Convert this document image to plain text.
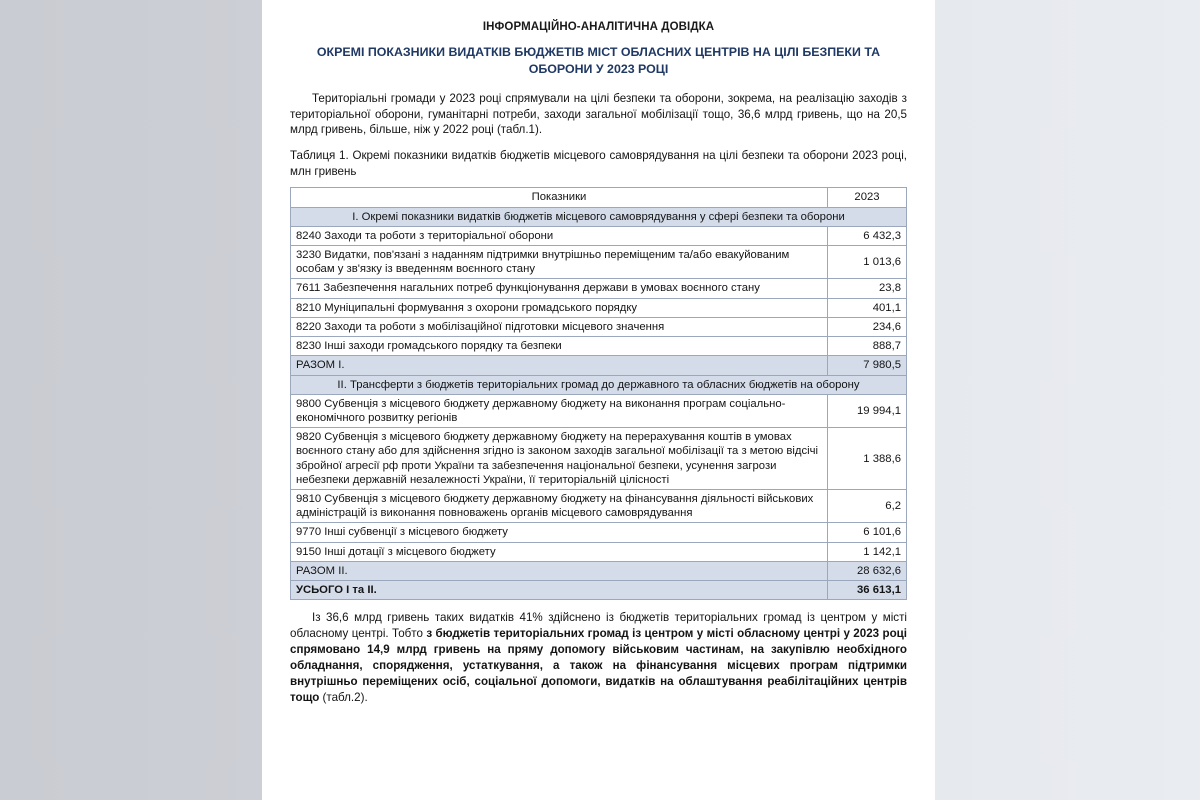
ІНФОРМАЦІЙНО-АНАЛІТИЧНА ДОВІДКА
ОКРЕМІ ПОКАЗНИКИ ВИДАТКІВ БЮДЖЕТІВ МІСТ ОБЛАСНИХ ЦЕНТРІВ НА ЦІЛІ БЕЗПЕКИ ТА ОБОРОНИ У 2023 РОЦІ

Територіальні громади у 2023 році спрямували на цілі безпеки та оборони, зокрема, на реалізацію заходів з територіальної оборони, гуманітарні потреби, заходи загальної мобілізації тощо, 36,6 млрд гривень, що на 20,5 млрд гривень, більше, ніж у 2022 році (табл.1).

Таблиця 1. Окремі показники видатків бюджетів місцевого самоврядування на цілі безпеки та оборони 2023 році, млн гривень

Показники	2023
I. Окремі показники видатків бюджетів місцевого самоврядування у сфері безпеки та оборони	
8240 Заходи та роботи з територіальної оборони	6 432,3
3230 Видатки, пов'язані з наданням підтримки внутрішньо переміщеним та/або евакуйованим особам у зв'язку із введенням воєнного стану	1 013,6
7611 Забезпечення нагальних потреб функціонування держави в умовах воєнного стану	23,8
8210 Муніципальні формування з охорони громадського порядку	401,1
8220 Заходи та роботи з мобілізаційної підготовки місцевого значення	234,6
8230 Інші заходи громадського порядку та безпеки	888,7
РАЗОМ I.	7 980,5
II. Трансферти з бюджетів територіальних громад до державного та обласних бюджетів на оборону	
9800 Субвенція з місцевого бюджету державному бюджету на виконання програм соціально-економічного розвитку регіонів	19 994,1
9820 Субвенція з місцевого бюджету державному бюджету на перерахування коштів в умовах воєнного стану або для здійснення згідно із законом заходів загальної мобілізації та з метою відсічі збройної агресії рф проти України та забезпечення національної безпеки, усунення загрози небезпеки державній незалежності України, її територіальній цілісності	1 388,6
9810 Субвенція з місцевого бюджету державному бюджету на фінансування діяльності військових адміністрацій із виконання повноважень органів місцевого самоврядування	6,2
9770 Інші субвенції з місцевого бюджету	6 101,6
9150 Інші дотації з місцевого бюджету	1 142,1
РАЗОМ II.	28 632,6
УСЬОГО I та II.	36 613,1

Із 36,6 млрд гривень таких видатків 41% здійснено із бюджетів територіальних громад із центром у місті обласному центрі. Тобто з бюджетів територіальних громад із центром у місті обласному центрі у 2023 році спрямовано 14,9 млрд гривень на пряму допомогу військовим частинам, на закупівлю необхідного обладнання, спорядження, устаткування, а також на фінансування місцевих програм підтримки внутрішньо переміщених осіб, соціальної допомоги, видатків на облаштування реабілітаційних центрів тощо (табл.2).
